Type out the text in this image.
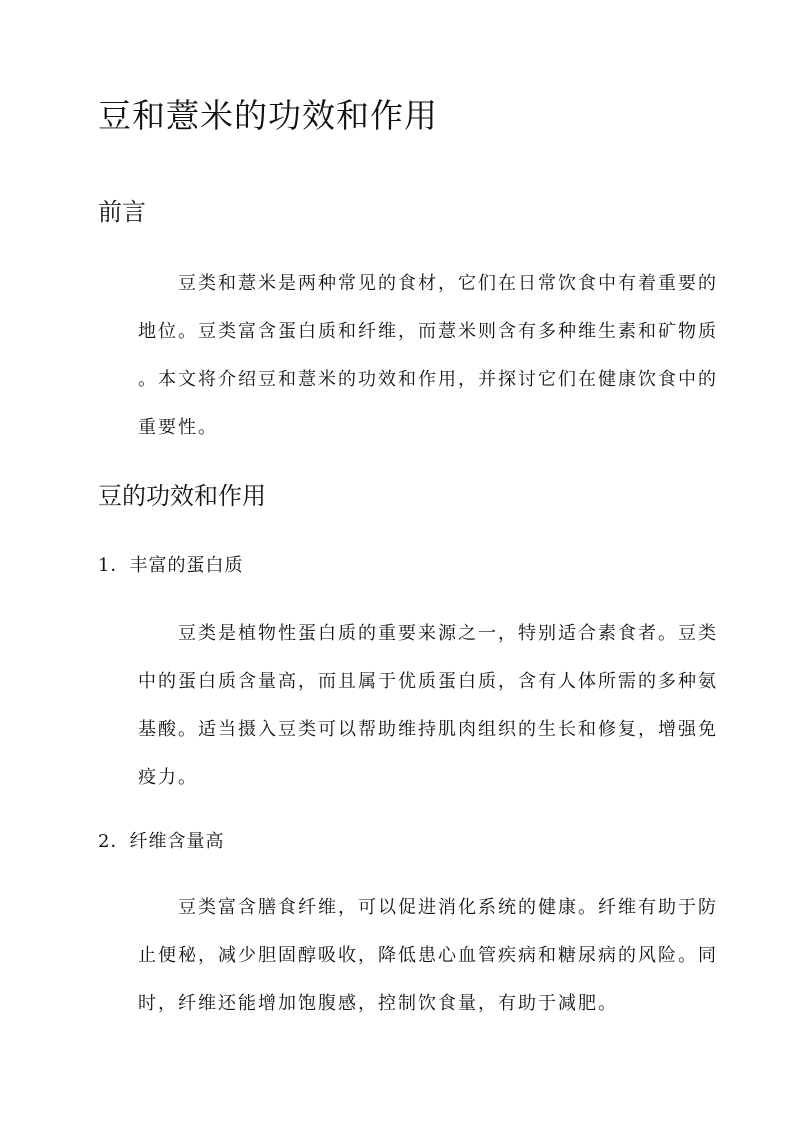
豆和薏米的功效和作用
前言
豆类和薏米是两种常见的食材，它们在日常饮食中有着重要的
地位。豆类富含蛋白质和纤维，而薏米则含有多种维生素和矿物质
。本文将介绍豆和薏米的功效和作用，并探讨它们在健康饮食中的
重要性。
豆的功效和作用
1．丰富的蛋白质
豆类是植物性蛋白质的重要来源之一，特别适合素食者。豆类
中的蛋白质含量高，而且属于优质蛋白质，含有人体所需的多种氨
基酸。适当摄入豆类可以帮助维持肌肉组织的生长和修复，增强免
疫力。
2．纤维含量高
豆类富含膳食纤维，可以促进消化系统的健康。纤维有助于防
止便秘，减少胆固醇吸收，降低患心血管疾病和糖尿病的风险。同
时，纤维还能增加饱腹感，控制饮食量，有助于减肥。
